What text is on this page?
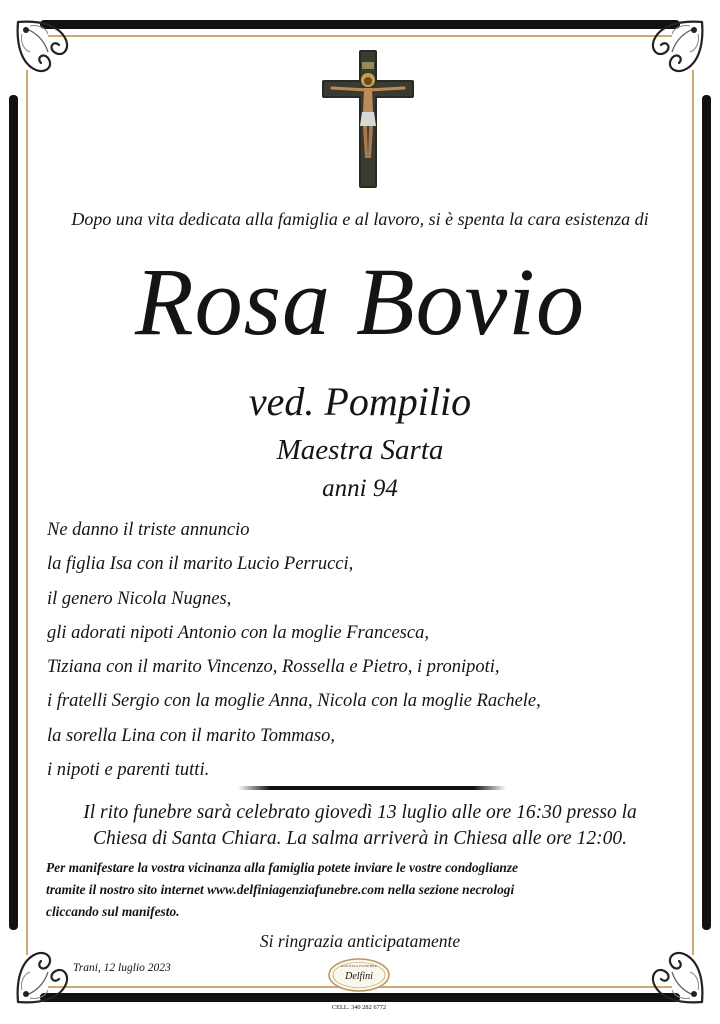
Dopo una vita dedicata alla famiglia e al lavoro, si è spenta la cara esistenza di
Rosa Bovio
ved. Pompilio
Maestra Sarta
anni 94
Ne danno il triste annuncio
la figlia Isa con il marito Lucio Perrucci,
il genero Nicola Nugnes,
gli adorati nipoti Antonio con la moglie Francesca,
Tiziana con il marito Vincenzo, Rossella e Pietro, i pronipoti,
i fratelli Sergio con la moglie Anna, Nicola con la moglie Rachele,
la sorella Lina con il marito Tommaso,
i nipoti e parenti tutti.
Il rito funebre sarà celebrato giovedì 13 luglio alle ore 16:30 presso la
Chiesa di Santa Chiara. La salma arriverà in Chiesa alle ore 12:00.
Per manifestare la vostra vicinanza alla famiglia potete inviare le vostre condoglianze
tramite il nostro sito internet www.delfiniagenziafunebre.com nella sezione necrologi
cliccando sul manifesto.
Si ringrazia anticipatamente
Trani, 12 luglio 2023	AGENZIA FUNEBRE
Delfini
AGENZIA 0883 481 608
CELL. 340 282 6772
